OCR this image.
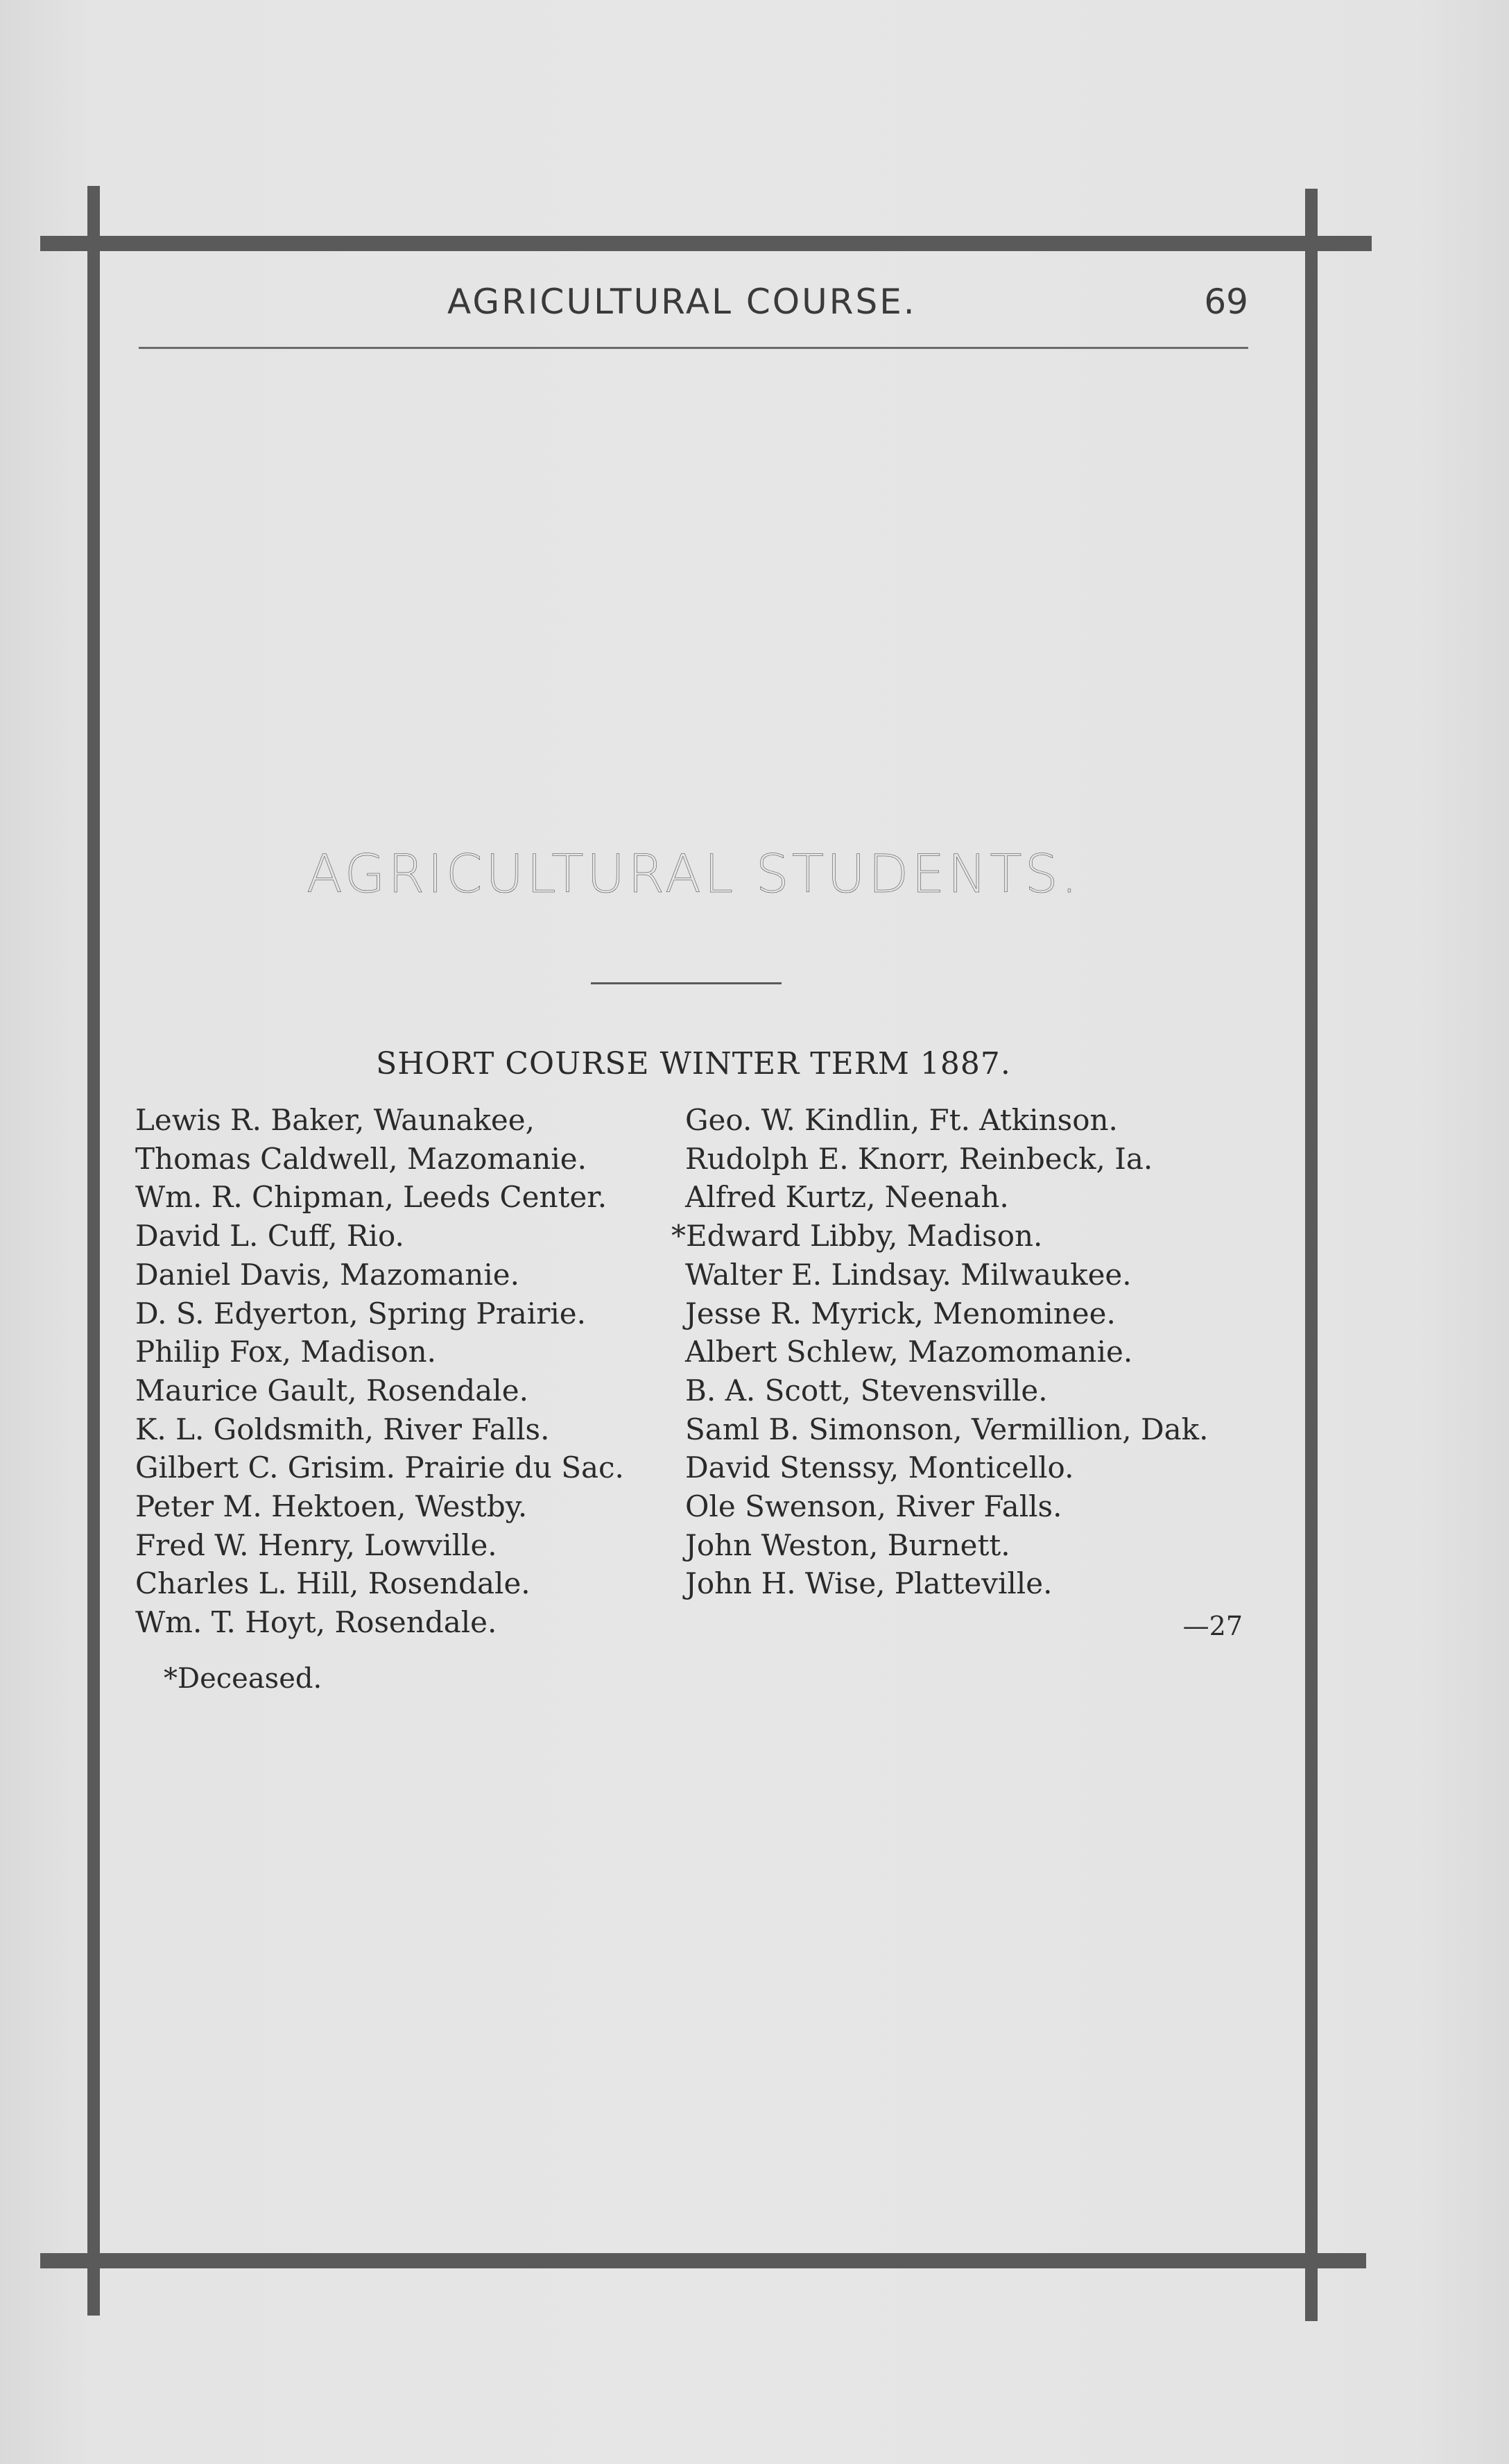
AGRICULTURAL COURSE.	69
AGRICULTURAL STUDENTS.
SHORT COURSE WINTER TERM 1887.
Lewis R. Baker, Waunakee,
Thomas Caldwell, Mazomanie.
Wm. R. Chipman, Leeds Center.
David L. Cuff, Rio.
Daniel Davis, Mazomanie.
D. S. Edyerton, Spring Prairie.
Philip Fox, Madison.
Maurice Gault, Rosendale.
K. L. Goldsmith, River Falls.
Gilbert C. Grisim. Prairie du Sac.
Peter M. Hektoen, Westby.
Fred W. Henry, Lowville.
Charles L. Hill, Rosendale.
Wm. T. Hoyt, Rosendale.
Geo. W. Kindlin, Ft. Atkinson.
Rudolph E. Knorr, Reinbeck, Ia.
Alfred Kurtz, Neenah.
*Edward Libby, Madison.
Walter E. Lindsay. Milwaukee.
Jesse R. Myrick, Menominee.
Albert Schlew, Mazomomanie.
B. A. Scott, Stevensville.
Saml B. Simonson, Vermillion, Dak.
David Stenssy, Monticello.
Ole Swenson, River Falls.
John Weston, Burnett.
John H. Wise, Platteville.
—27
*Deceased.
